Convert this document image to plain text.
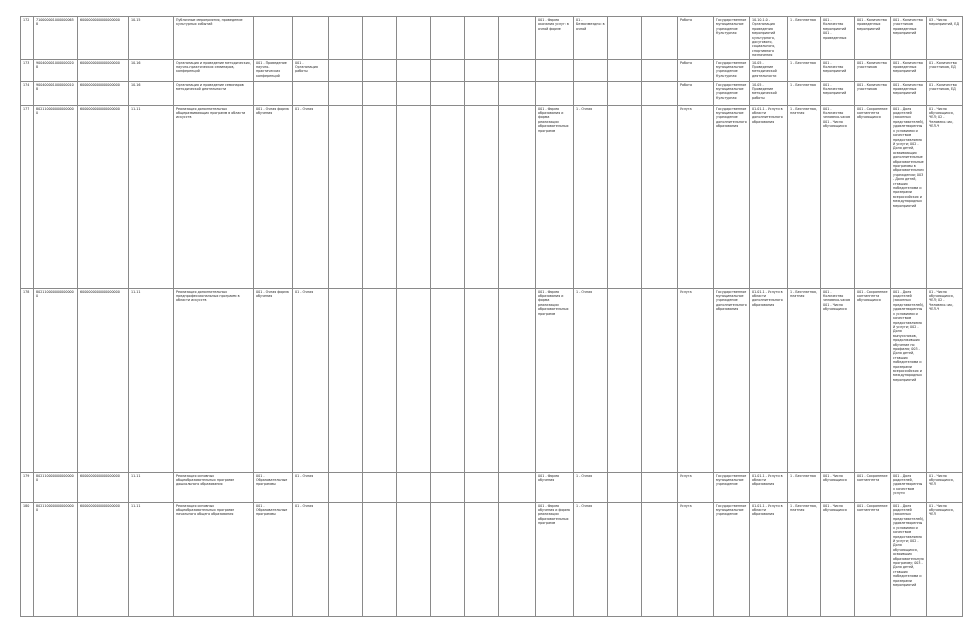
172	7100000010000000658	6000000000000000000	10.15	Публичные мероприятия, проведение культурных событий									001 - Форма оказания услуг: в очной форме	01 - Безвозмездно: в очной			Работа	Государственное муниципальное учреждение Культурная	10.10.1.0 - Организация проведения мероприятий культурного, досугового, социального, спортивного назначения	1 - Бесплатная	001 - Количество мероприятий 001 - проведенных	001 - Количество проведенных мероприятий	001 - Количество участников проведенных мероприятий	03 - Число мероприятий, ЕД
173	9004000010000000208	6000000000000000000	10.16	Организация и проведение методических, научно-практических семинаров, конференций	001 - Проведение научно-практических конференций	001 - Организация работы											Работа	Государственное муниципальное учреждение Культурная	10.05 - Проведение методической деятельности	1 - Бесплатная	001 - Количество мероприятий	001 - Количество участников	001 - Количество проведенных мероприятий	01 - Количество участников, ЕД
174	9004000010000000108	6000000000000000000	10.16	Организация и проведение семинаров методической деятельности													Работа	Государственное муниципальное учреждение Культурная	10.05 - Проведение методической работы	1 - Бесплатная	001 - Количество мероприятий	001 - Количество участников	001 - Количество проведенных мероприятий	01 - Количество участников, ЕД
177	8021100000000000000	6000000000000000000	11.11	Реализация дополнительных общеразвивающих программ в области искусств	001 - Очная форма обучения	01 - Очная							001 - Форма образования и форма реализации образовательных программ	1 - Очная			Услуга	Государственное муниципальное учреждение дополнительного образования	01.01.1 - Услуги в области дополнительного образования	1 - Бесплатная, платная	001 - Количество человеко-часов 001 - Число обучающихся	001 - Сохранение контингента обучающихся	001 - Доля родителей (законных представителей), удовлетворенных условиями и качеством предоставляемой услуги; 002 - Доля детей, осваивающих дополнительные образовательные программы в образовательном учреждении; 003 - Доля детей, ставших победителями и призерами всероссийских и международных мероприятий	01 - Число обучающихся, ЧЕЛ; 02 - Человеко-час, ЧЕЛ-Ч
178	8021100000000000000	6000000000000000000	11.11	Реализация дополнительных предпрофессиональных программ в области искусств	001 - Очная форма обучения	01 - Очная							001 - Форма образования и форма реализации образовательных программ	1 - Очная			Услуга	Государственное муниципальное учреждение дополнительного образования	01.01.1 - Услуги в области дополнительного образования	1 - Бесплатная, платная	001 - Количество человеко-часов 001 - Число обучающихся	001 - Сохранение контингента обучающихся	001 - Доля родителей (законных представителей), удовлетворенных условиями и качеством предоставляемой услуги; 002 - Доля выпускников, продолживших обучение по профилю; 003 - Доля детей, ставших победителями и призерами всероссийских и международных мероприятий	01 - Число обучающихся, ЧЕЛ; 02 - Человеко-час, ЧЕЛ-Ч
179	8021100000000000000	6000000000000000000	11.11	Реализация основных общеобразовательных программ дошкольного образования	001 - Образовательные программы	01 - Очная							001 - Форма обучения	1 - Очная			Услуга	Государственное муниципальное учреждение	01.01.1 - Услуги в области образования	1 - Бесплатная	001 - Число обучающихся	001 - Сохранение контингента	001 - Доля родителей, удовлетворенных качеством услуги	01 - Число обучающихся, ЧЕЛ
180	8021100000000000000	6000000000000000000	11.11	Реализация основных общеобразовательных программ начального общего образования	001 - Образовательные программы	01 - Очная							001 - Форма обучения и форма реализации образовательных программ	1 - Очная			Услуга	Государственное муниципальное учреждение	01.01.1 - Услуги в области образования	1 - Бесплатная, платная	001 - Число обучающихся	001 - Сохранение контингента	001 - Доля родителей (законных представителей), удовлетворенных условиями и качеством предоставляемой услуги; 002 - Доля обучающихся, освоивших образовательную программу; 003 - Доля детей, ставших победителями и призерами мероприятий	01 - Число обучающихся, ЧЕЛ
